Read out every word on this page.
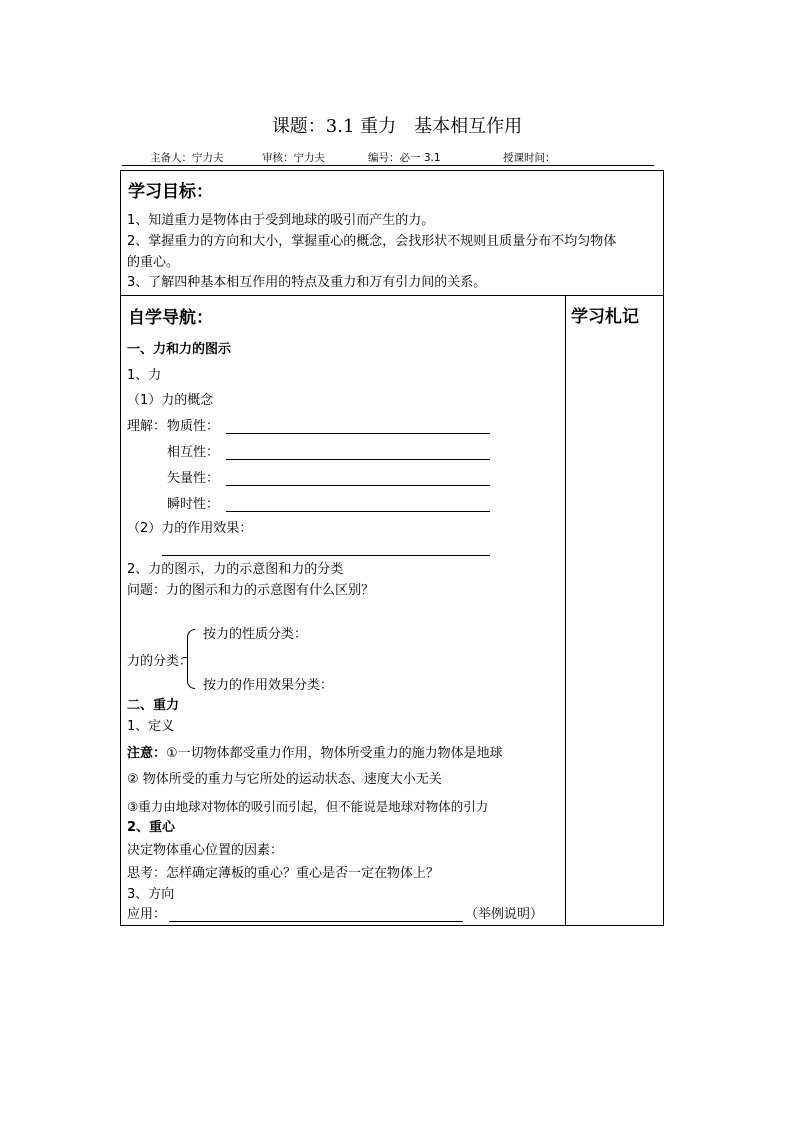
课题：3.1 重力　基本相互作用
主备人：宁力夫	审核：宁力夫	编号：必一 3.1	授课时间：
学习目标：
1、知道重力是物体由于受到地球的吸引而产生的力。
2、掌握重力的方向和大小，掌握重心的概念，会找形状不规则且质量分布不均匀物体
的重心。
3、了解四种基本相互作用的特点及重力和万有引力间的关系。
学习札记
自学导航：
一、力和力的图示
1、力
（1）力的概念
理解： 物质性：
相互性：
矢量性：
瞬时性：
（2）力的作用效果：
2、力的图示，力的示意图和力的分类
问题：力的图示和力的示意图有什么区别？
力的分类：
按力的性质分类：
按力的作用效果分类：
二、重力
1、定义
注意：①一切物体都受重力作用，物体所受重力的施力物体是地球
② 物体所受的重力与它所处的运动状态、速度大小无关
③重力由地球对物体的吸引而引起，但不能说是地球对物体的引力
2、重心
决定物体重心位置的因素：
思考：怎样确定薄板的重心？重心是否一定在物体上？
3、方向
应用：	（举例说明）
